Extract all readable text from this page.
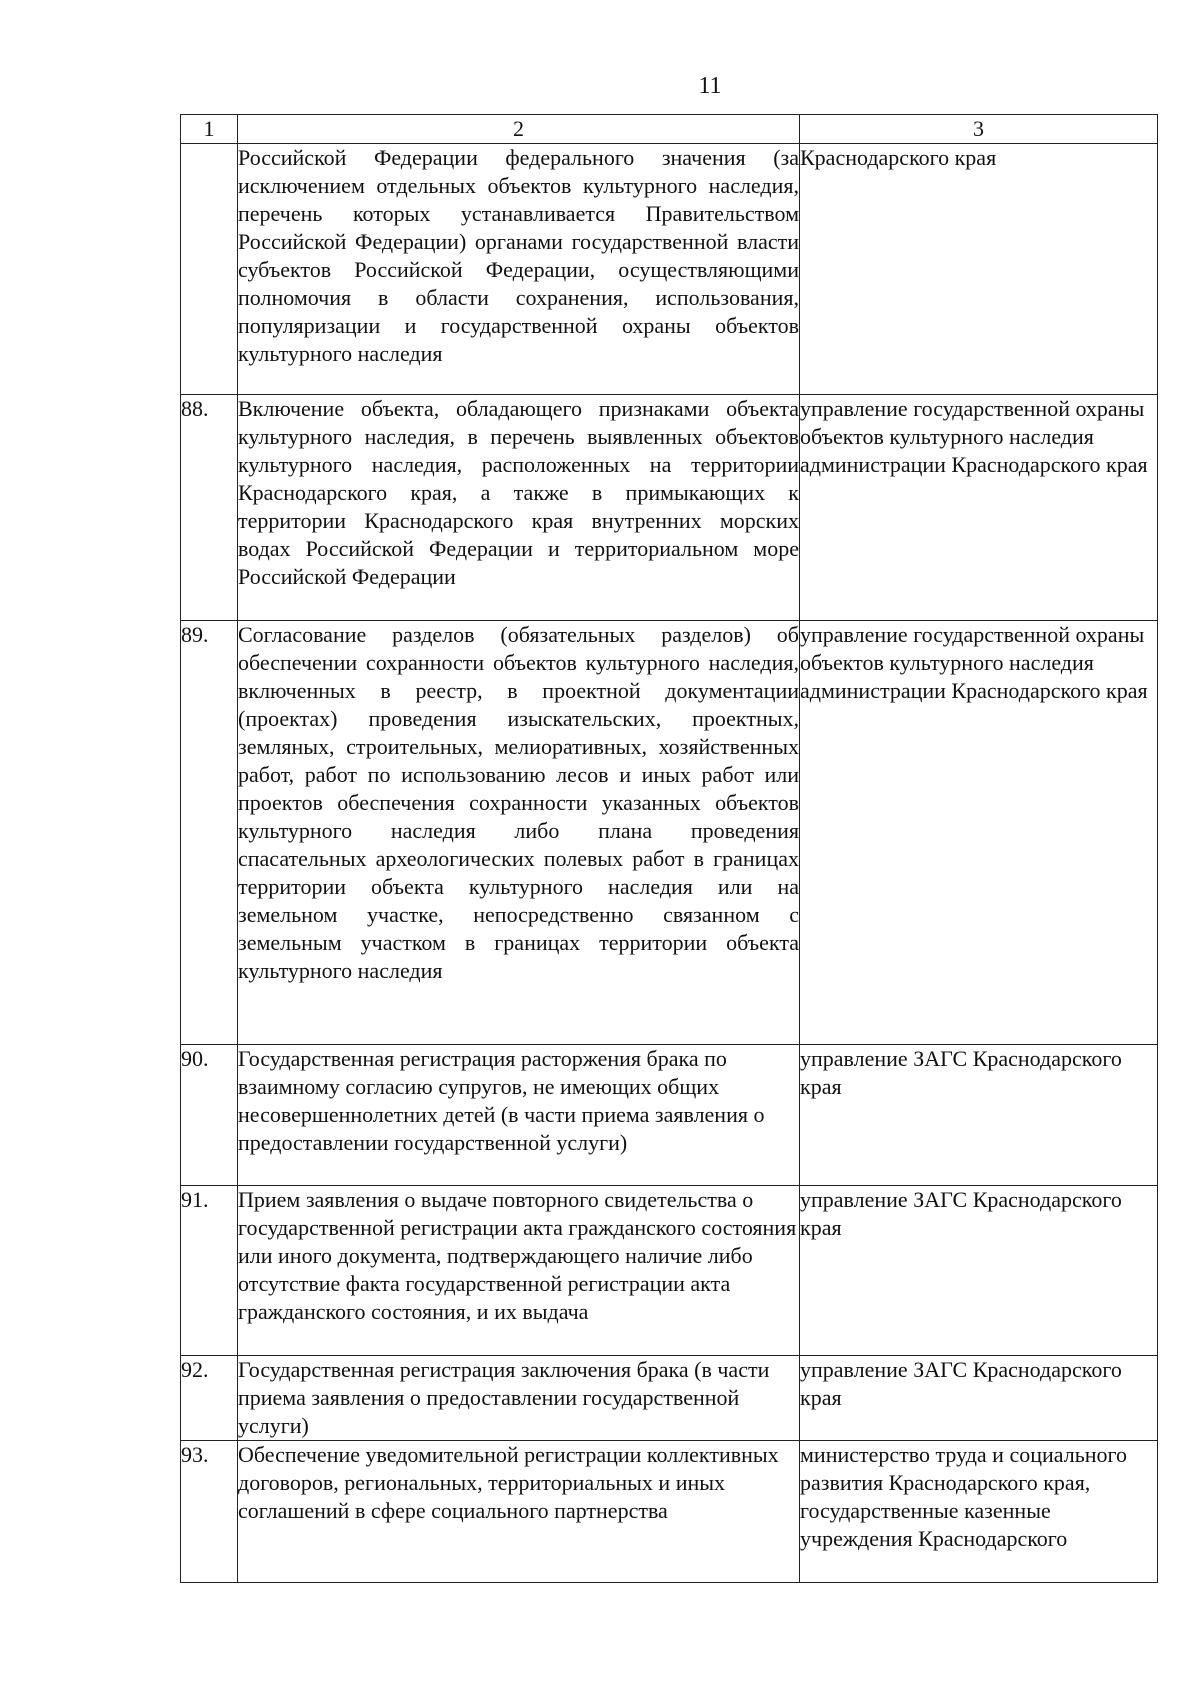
11
1	2	3
	Российской Федерации федерального значения (за исключением отдельных объектов культурного наследия, перечень которых устанавливается Правительством Российской Федерации) органами государственной власти субъектов Российской Федерации, осуществляющими полномочия в области сохранения, использования, популяризации и государственной охраны объектов культурного наследия	Краснодарского края
88.	Включение объекта, обладающего признаками объекта культурного наследия, в перечень выявленных объектов культурного наследия, расположенных на территории Краснодарского края, а также в примыкающих к территории Краснодарского края внутренних морских водах Российской Федерации и территориальном море Российской Федерации	управление государственной охраны объектов культурного наследия администрации Краснодарского края
89.	Согласование разделов (обязательных разделов) об обеспечении сохранности объектов культурного наследия, включенных в реестр, в проектной документации (проектах) проведения изыскательских, проектных, земляных, строительных, мелиоративных, хозяйственных работ, работ по использованию лесов и иных работ или проектов обеспечения сохранности указанных объектов культурного наследия либо плана проведения спасательных археологических полевых работ в границах территории объекта культурного наследия или на земельном участке, непосредственно связанном с земельным участком в границах территории объекта культурного наследия	управление государственной охраны объектов культурного наследия администрации Краснодарского края
90.	Государственная регистрация расторжения брака по взаимному согласию супругов, не имеющих общих несовершеннолетних детей (в части приема заявления о предоставлении государственной услуги)	управление ЗАГС Краснодарского края
91.	Прием заявления о выдаче повторного свидетельства о государственной регистрации акта гражданского состояния или иного документа, подтверждающего наличие либо отсутствие факта государственной регистрации акта гражданского состояния, и их выдача	управление ЗАГС Краснодарского края
92.	Государственная регистрация заключения брака (в части приема заявления о предоставлении государственной услуги)	управление ЗАГС Краснодарского края
93.	Обеспечение уведомительной регистрации коллективных договоров, региональных, территориальных и иных соглашений в сфере социального партнерства	министерство труда и социального развития Краснодарского края, государственные казенные учреждения Краснодарского
